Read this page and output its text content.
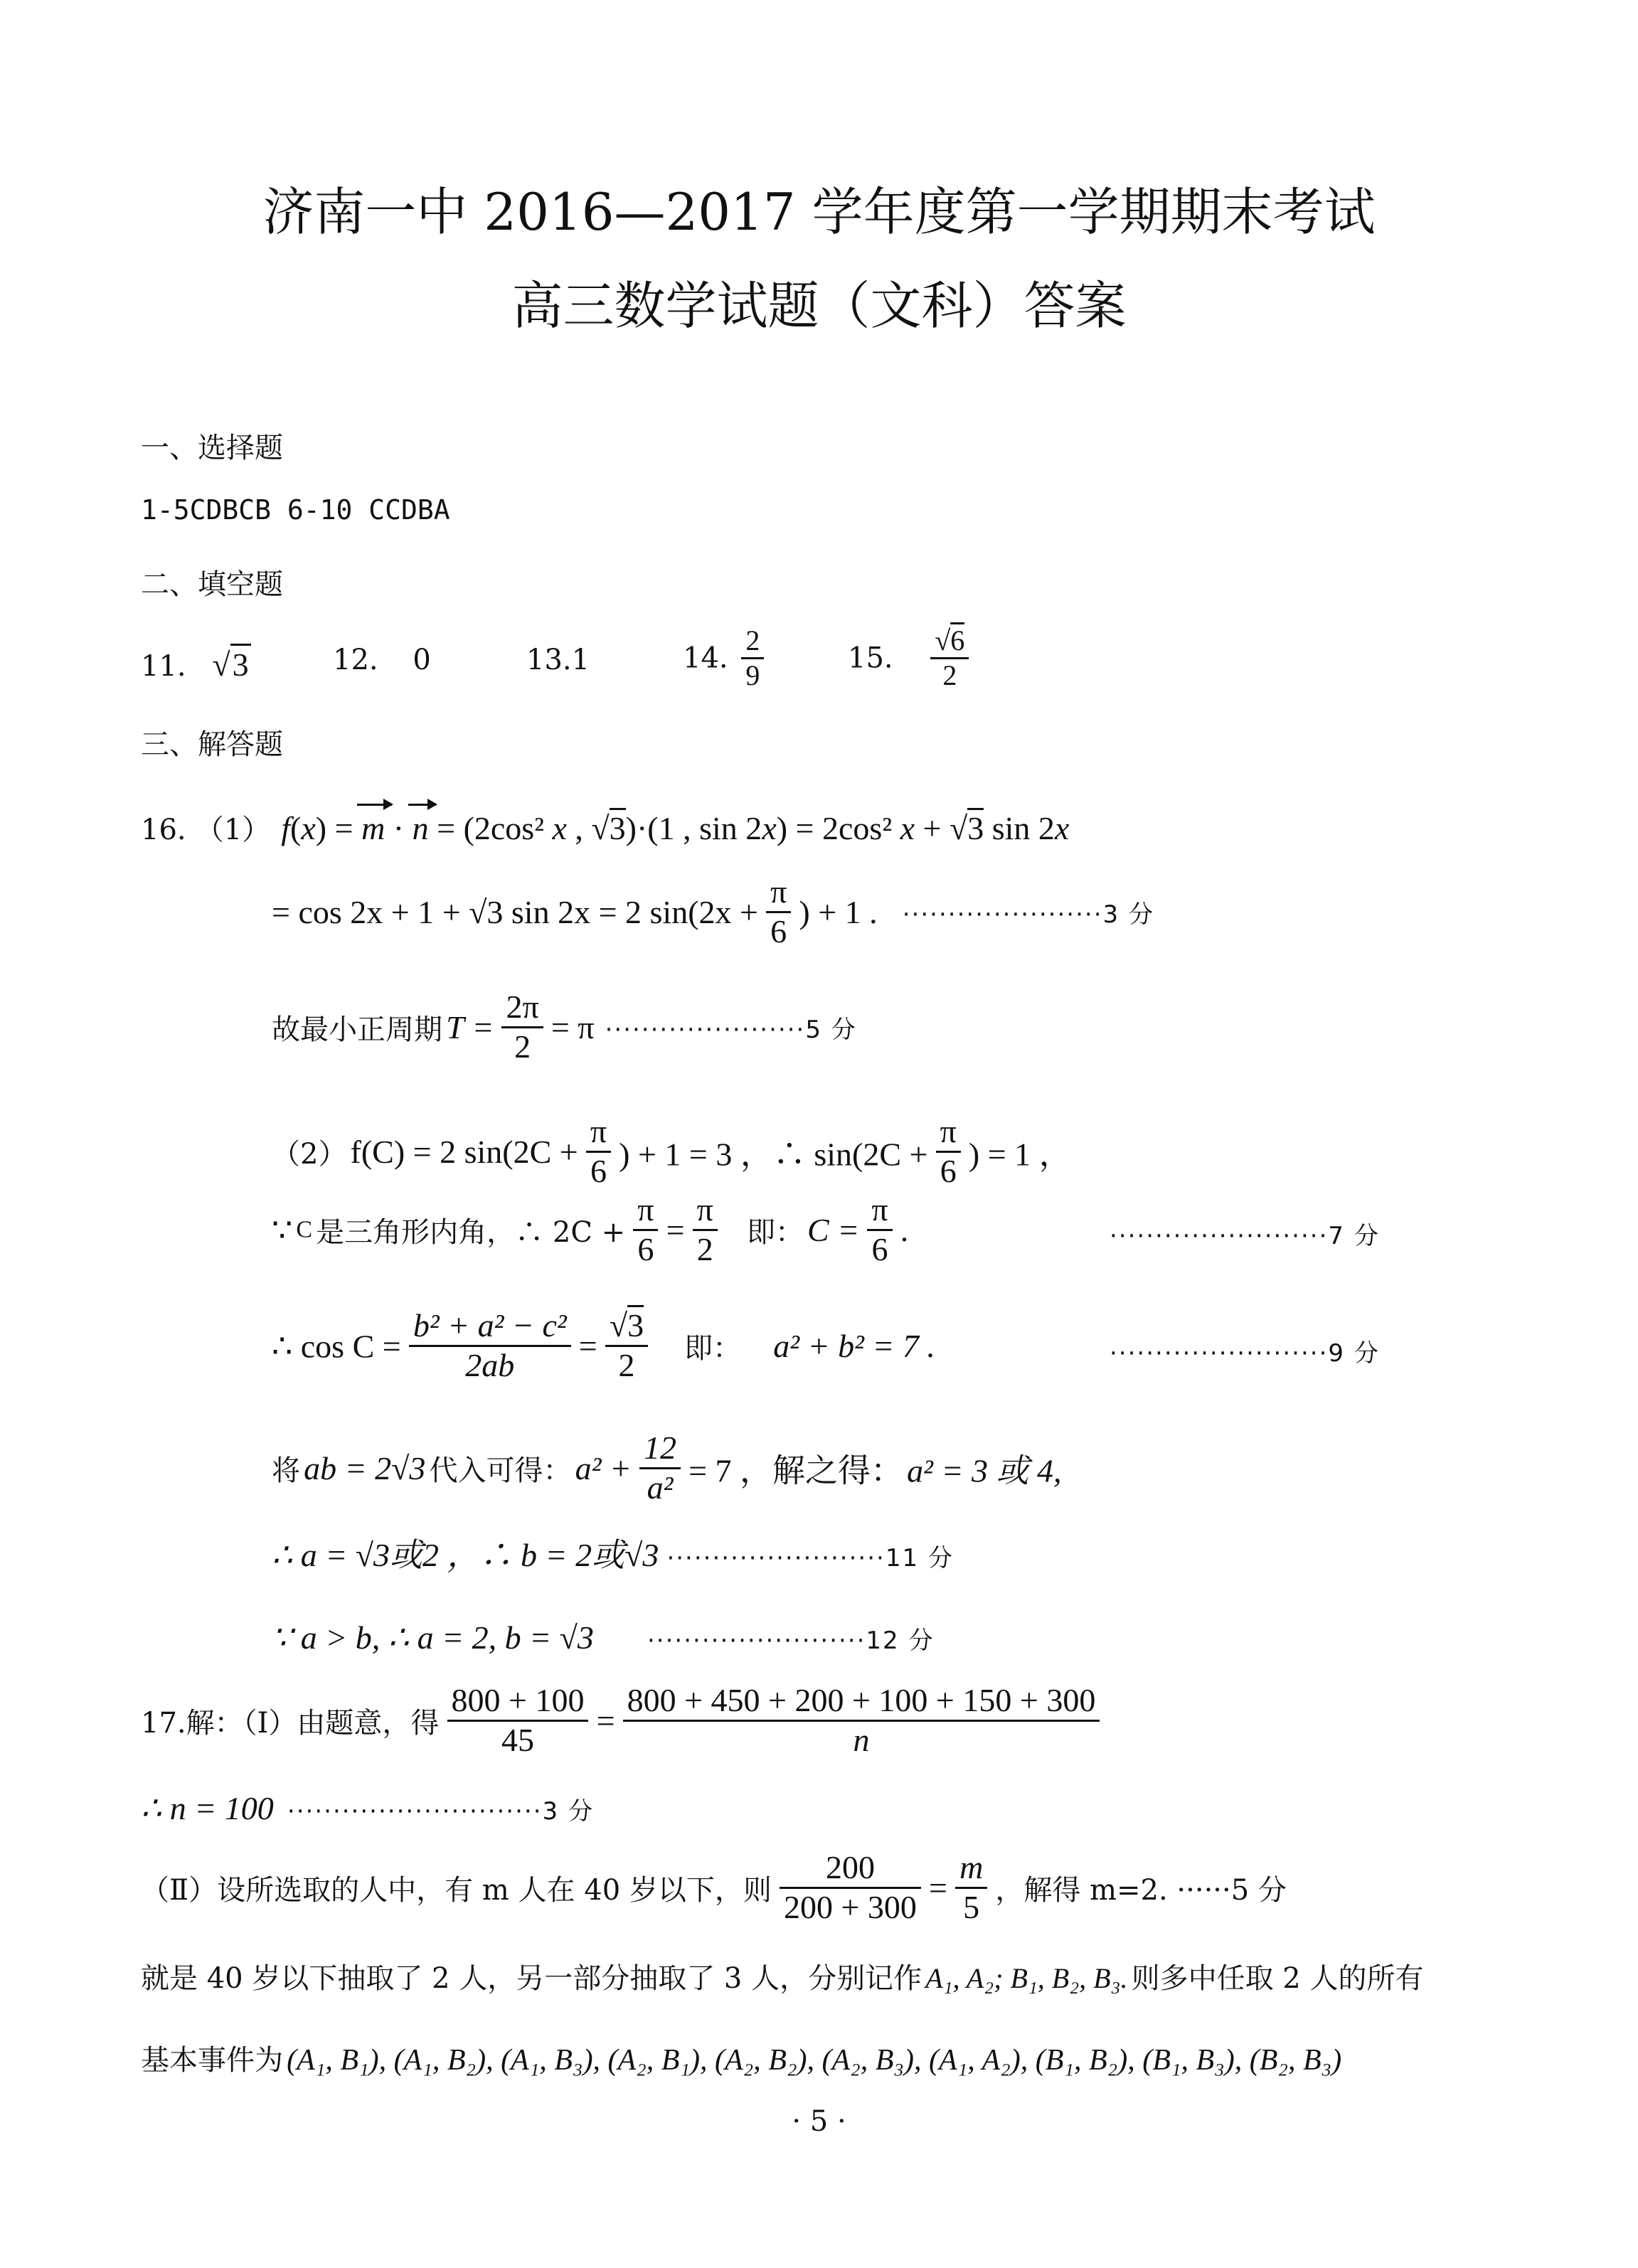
济南一中 2016—2017 学年度第一学期期末考试
高三数学试题（文科）答案
一、选择题
1-5CDBCB 6-10 CCDBA
二、填空题
11. √3	12. 0	13.1	14. $\frac{2}{9}$	15. $\frac{√6}{2}$
三、解答题
16. （1） f(x) = m · n = (2cos² x , √3)·(1 , sin 2x) = 2cos² x + √3 sin 2x
= cos 2x + 1 + √3 sin 2x = 2 $\sin(2x + \frac{\pi}{6}$ ) + 1 . ······················3 分
故最小正周期 $T = \frac{2\pi}{2} = \pi \cdot\cdot\cdot\cdot\cdot\cdot\cdot\cdot\cdot\cdot\cdot\cdot\cdot\cdot\cdot\cdot\cdot\cdot\cdot\cdot\cdot\cdot 5$ 分
（2） f(C) = 2 $\sin(2C + \frac{\pi}{6}$ ) + 1 = 3 ，∴ $\sin(2C + \frac{\pi}{6}$ ) = 1 ，
∵ C 是三角形内角，∴ $2C + \frac{\pi}{6} = \frac{\pi}{2}$ 即： $C = \frac{\pi}{6}$ .	························7 分
∴ $\cos C = \frac{\text{b² + a² − c²}}{2ab} = \frac{√3}{2}$ 即： a² + b² = 7 .	························9 分
将 ab = 2√3 代入可得： $a^2 + \frac{12}{\text{a²}} = 7$ ，解之得： a² = 3 或 4,
∴ a = √3或2 ，∴ b = 2或√3 ························11 分
∵ a > b, ∴ a = 2, b = √3 ························12 分
17.解：（Ⅰ）由题意，得 $\frac{800 + 100}{45} = \frac{800 + 450 + 200 + 100 + 150 + 300}{n}$
∴ n = 100 ····························3 分
（Ⅱ）设所选取的人中，有 m 人在 40 岁以下，则 $\frac{200}{200 + 300} = \frac{m}{5}$ ，解得 m=2. ······5 分
就是 40 岁以下抽取了 2 人，另一部分抽取了 3 人，分别记作 A₁, A₂; B₁, B₂, B₃. 则多中任取 2 人的所有
基本事件为 (A₁, B₁), (A₁, B₂), (A₁, B₃), (A₂, B₁), (A₂, B₂), (A₂, B₃), (A₁, A₂), (B₁, B₂), (B₁, B₃), (B₂, B₃)
· 5 ·
